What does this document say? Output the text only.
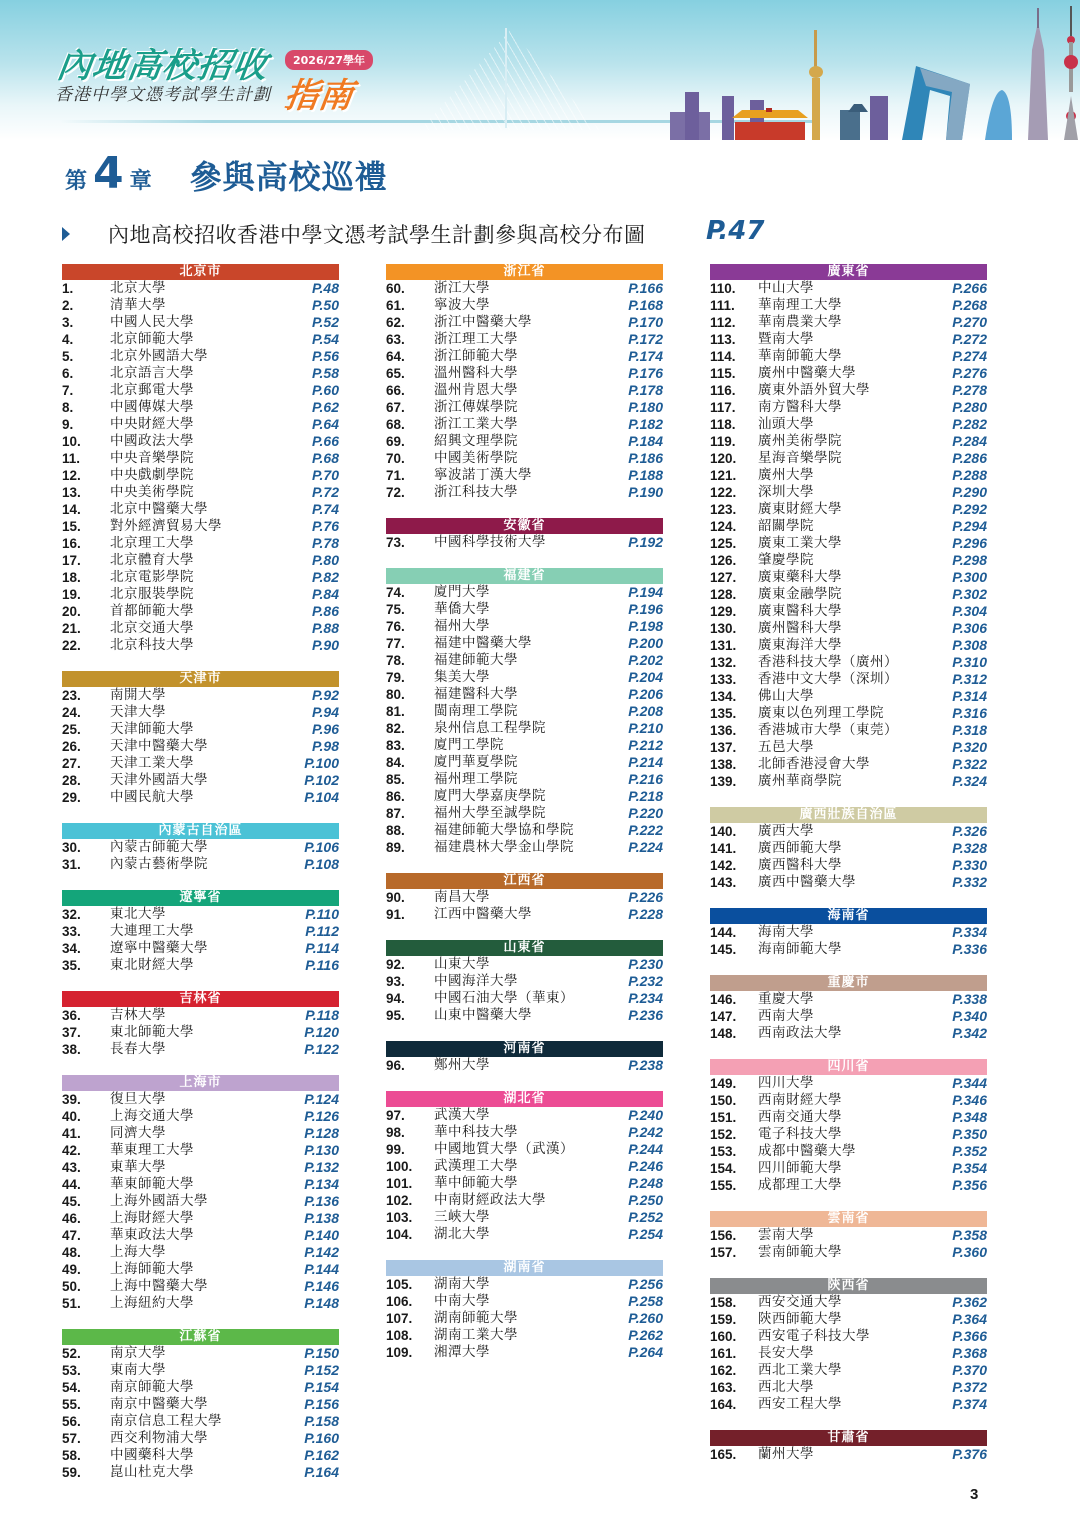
內地高校招收
香港中學文憑考試學生計劃
2026/27學年
指南
第 4 章 參與高校巡禮
內地高校招收香港中學文憑考試學生計劃參與高校分布圖 P.47
北京市
1.	北京大學	P.48
2.	清華大學	P.50
3.	中國人民大學	P.52
4.	北京師範大學	P.54
5.	北京外國語大學	P.56
6.	北京語言大學	P.58
7.	北京郵電大學	P.60
8.	中國傳媒大學	P.62
9.	中央財經大學	P.64
10.	中國政法大學	P.66
11.	中央音樂學院	P.68
12.	中央戲劇學院	P.70
13.	中央美術學院	P.72
14.	北京中醫藥大學	P.74
15.	對外經濟貿易大學	P.76
16.	北京理工大學	P.78
17.	北京體育大學	P.80
18.	北京電影學院	P.82
19.	北京服裝學院	P.84
20.	首都師範大學	P.86
21.	北京交通大學	P.88
22.	北京科技大學	P.90
天津市
23.	南開大學	P.92
24.	天津大學	P.94
25.	天津師範大學	P.96
26.	天津中醫藥大學	P.98
27.	天津工業大學	P.100
28.	天津外國語大學	P.102
29.	中國民航大學	P.104
內蒙古自治區
30.	內蒙古師範大學	P.106
31.	內蒙古藝術學院	P.108
遼寧省
32.	東北大學	P.110
33.	大連理工大學	P.112
34.	遼寧中醫藥大學	P.114
35.	東北財經大學	P.116
吉林省
36.	吉林大學	P.118
37.	東北師範大學	P.120
38.	長春大學	P.122
上海市
39.	復旦大學	P.124
40.	上海交通大學	P.126
41.	同濟大學	P.128
42.	華東理工大學	P.130
43.	東華大學	P.132
44.	華東師範大學	P.134
45.	上海外國語大學	P.136
46.	上海財經大學	P.138
47.	華東政法大學	P.140
48.	上海大學	P.142
49.	上海師範大學	P.144
50.	上海中醫藥大學	P.146
51.	上海紐約大學	P.148
江蘇省
52.	南京大學	P.150
53.	東南大學	P.152
54.	南京師範大學	P.154
55.	南京中醫藥大學	P.156
56.	南京信息工程大學	P.158
57.	西交利物浦大學	P.160
58.	中國藥科大學	P.162
59.	崑山杜克大學	P.164
浙江省
60.	浙江大學	P.166
61.	寧波大學	P.168
62.	浙江中醫藥大學	P.170
63.	浙江理工大學	P.172
64.	浙江師範大學	P.174
65.	溫州醫科大學	P.176
66.	溫州肯恩大學	P.178
67.	浙江傳媒學院	P.180
68.	浙江工業大學	P.182
69.	紹興文理學院	P.184
70.	中國美術學院	P.186
71.	寧波諾丁漢大學	P.188
72.	浙江科技大學	P.190
安徽省
73.	中國科學技術大學	P.192
福建省
74.	廈門大學	P.194
75.	華僑大學	P.196
76.	福州大學	P.198
77.	福建中醫藥大學	P.200
78.	福建師範大學	P.202
79.	集美大學	P.204
80.	福建醫科大學	P.206
81.	閩南理工學院	P.208
82.	泉州信息工程學院	P.210
83.	廈門工學院	P.212
84.	廈門華夏學院	P.214
85.	福州理工學院	P.216
86.	廈門大學嘉庚學院	P.218
87.	福州大學至誠學院	P.220
88.	福建師範大學協和學院	P.222
89.	福建農林大學金山學院	P.224
江西省
90.	南昌大學	P.226
91.	江西中醫藥大學	P.228
山東省
92.	山東大學	P.230
93.	中國海洋大學	P.232
94.	中國石油大學（華東）	P.234
95.	山東中醫藥大學	P.236
河南省
96.	鄭州大學	P.238
湖北省
97.	武漢大學	P.240
98.	華中科技大學	P.242
99.	中國地質大學（武漢）	P.244
100.	武漢理工大學	P.246
101.	華中師範大學	P.248
102.	中南財經政法大學	P.250
103.	三峽大學	P.252
104.	湖北大學	P.254
湖南省
105.	湖南大學	P.256
106.	中南大學	P.258
107.	湖南師範大學	P.260
108.	湖南工業大學	P.262
109.	湘潭大學	P.264
廣東省
110.	中山大學	P.266
111.	華南理工大學	P.268
112.	華南農業大學	P.270
113.	暨南大學	P.272
114.	華南師範大學	P.274
115.	廣州中醫藥大學	P.276
116.	廣東外語外貿大學	P.278
117.	南方醫科大學	P.280
118.	汕頭大學	P.282
119.	廣州美術學院	P.284
120.	星海音樂學院	P.286
121.	廣州大學	P.288
122.	深圳大學	P.290
123.	廣東財經大學	P.292
124.	韶關學院	P.294
125.	廣東工業大學	P.296
126.	肇慶學院	P.298
127.	廣東藥科大學	P.300
128.	廣東金融學院	P.302
129.	廣東醫科大學	P.304
130.	廣州醫科大學	P.306
131.	廣東海洋大學	P.308
132.	香港科技大學（廣州）	P.310
133.	香港中文大學（深圳）	P.312
134.	佛山大學	P.314
135.	廣東以色列理工學院	P.316
136.	香港城市大學（東莞）	P.318
137.	五邑大學	P.320
138.	北師香港浸會大學	P.322
139.	廣州華商學院	P.324
廣西壯族自治區
140.	廣西大學	P.326
141.	廣西師範大學	P.328
142.	廣西醫科大學	P.330
143.	廣西中醫藥大學	P.332
海南省
144.	海南大學	P.334
145.	海南師範大學	P.336
重慶市
146.	重慶大學	P.338
147.	西南大學	P.340
148.	西南政法大學	P.342
四川省
149.	四川大學	P.344
150.	西南財經大學	P.346
151.	西南交通大學	P.348
152.	電子科技大學	P.350
153.	成都中醫藥大學	P.352
154.	四川師範大學	P.354
155.	成都理工大學	P.356
雲南省
156.	雲南大學	P.358
157.	雲南師範大學	P.360
陝西省
158.	西安交通大學	P.362
159.	陝西師範大學	P.364
160.	西安電子科技大學	P.366
161.	長安大學	P.368
162.	西北工業大學	P.370
163.	西北大學	P.372
164.	西安工程大學	P.374
甘肅省
165.	蘭州大學	P.376
3
